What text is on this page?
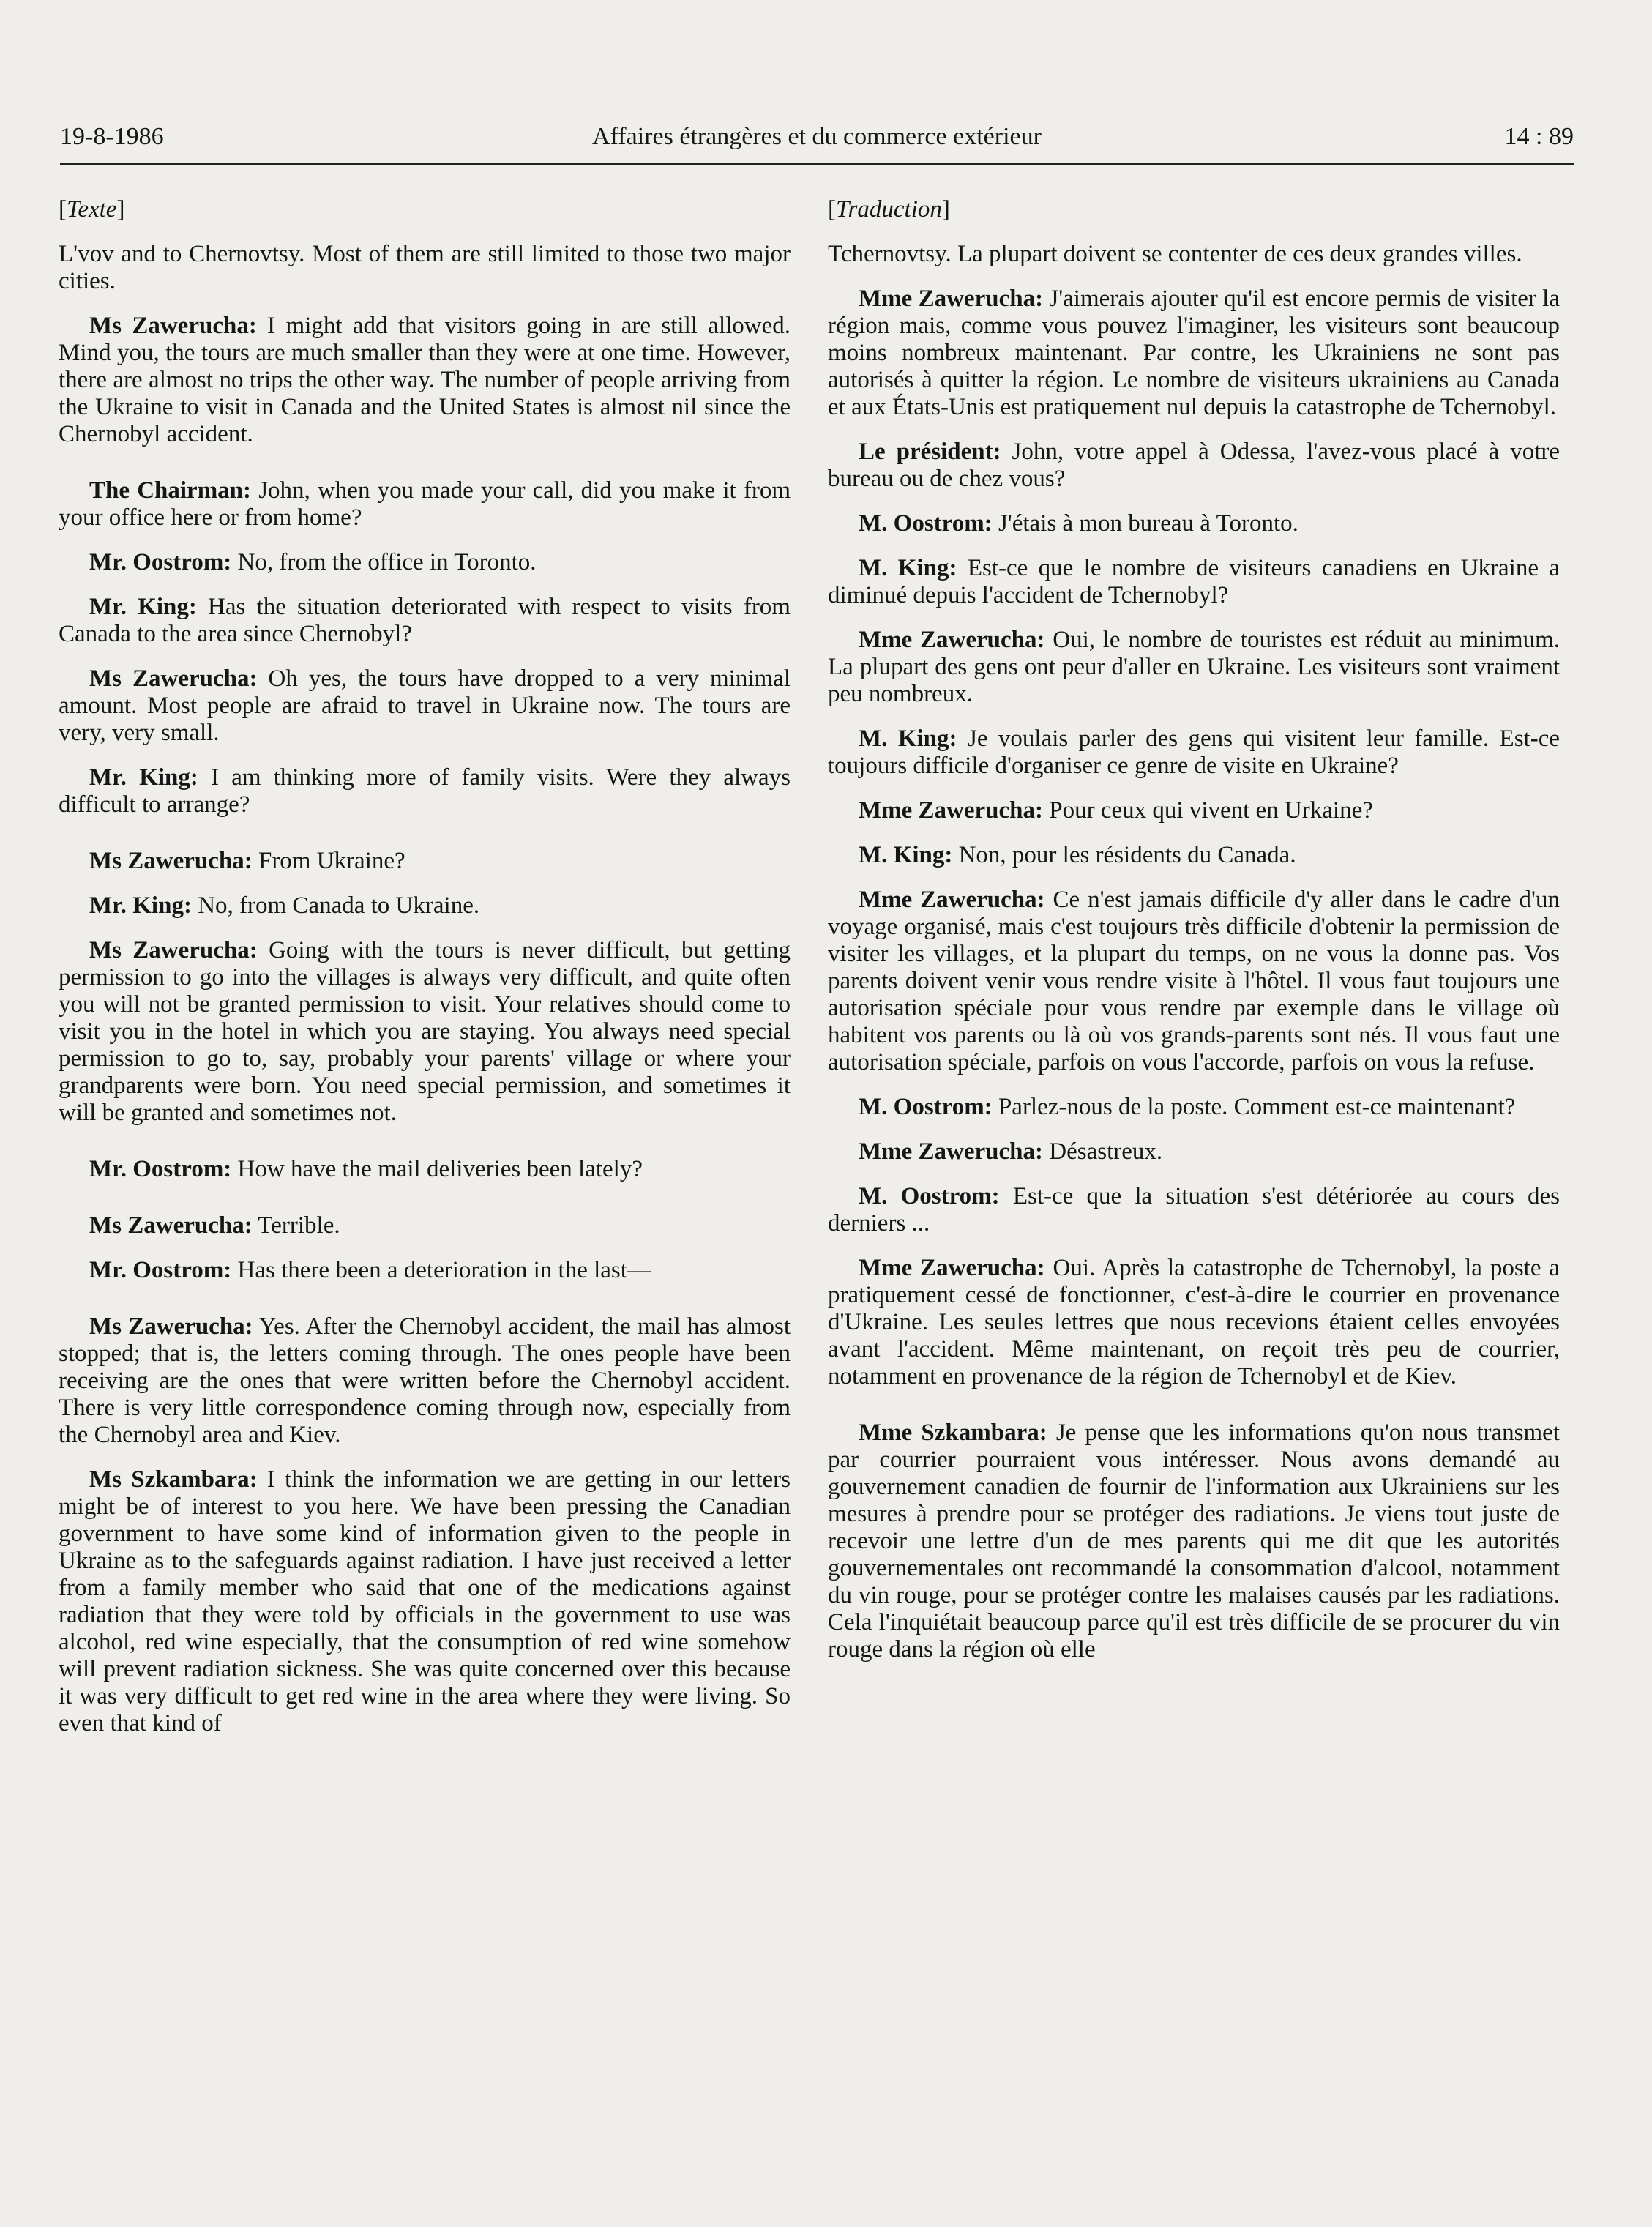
19-8-1986	Affaires étrangères et du commerce extérieur	14 : 89

[Texte]

L'vov and to Chernovtsy. Most of them are still limited to those two major cities.

Ms Zawerucha: I might add that visitors going in are still allowed. Mind you, the tours are much smaller than they were at one time. However, there are almost no trips the other way. The number of people arriving from the Ukraine to visit in Canada and the United States is almost nil since the Chernobyl accident.

The Chairman: John, when you made your call, did you make it from your office here or from home?

Mr. Oostrom: No, from the office in Toronto.

Mr. King: Has the situation deteriorated with respect to visits from Canada to the area since Chernobyl?

Ms Zawerucha: Oh yes, the tours have dropped to a very minimal amount. Most people are afraid to travel in Ukraine now. The tours are very, very small.

Mr. King: I am thinking more of family visits. Were they always difficult to arrange?

Ms Zawerucha: From Ukraine?

Mr. King: No, from Canada to Ukraine.

Ms Zawerucha: Going with the tours is never difficult, but getting permission to go into the villages is always very difficult, and quite often you will not be granted permission to visit. Your relatives should come to visit you in the hotel in which you are staying. You always need special permission to go to, say, probably your parents' village or where your grandparents were born. You need special permission, and sometimes it will be granted and sometimes not.

Mr. Oostrom: How have the mail deliveries been lately?

Ms Zawerucha: Terrible.

Mr. Oostrom: Has there been a deterioration in the last—

Ms Zawerucha: Yes. After the Chernobyl accident, the mail has almost stopped; that is, the letters coming through. The ones people have been receiving are the ones that were written before the Chernobyl accident. There is very little correspondence coming through now, especially from the Chernobyl area and Kiev.

Ms Szkambara: I think the information we are getting in our letters might be of interest to you here. We have been pressing the Canadian government to have some kind of information given to the people in Ukraine as to the safeguards against radiation. I have just received a letter from a family member who said that one of the medications against radiation that they were told by officials in the government to use was alcohol, red wine especially, that the consumption of red wine somehow will prevent radiation sickness. She was quite concerned over this because it was very difficult to get red wine in the area where they were living. So even that kind of

[Traduction]

Tchernovtsy. La plupart doivent se contenter de ces deux grandes villes.

Mme Zawerucha: J'aimerais ajouter qu'il est encore permis de visiter la région mais, comme vous pouvez l'imaginer, les visiteurs sont beaucoup moins nombreux maintenant. Par contre, les Ukrainiens ne sont pas autorisés à quitter la région. Le nombre de visiteurs ukrainiens au Canada et aux États-Unis est pratiquement nul depuis la catastrophe de Tchernobyl.

Le président: John, votre appel à Odessa, l'avez-vous placé à votre bureau ou de chez vous?

M. Oostrom: J'étais à mon bureau à Toronto.

M. King: Est-ce que le nombre de visiteurs canadiens en Ukraine a diminué depuis l'accident de Tchernobyl?

Mme Zawerucha: Oui, le nombre de touristes est réduit au minimum. La plupart des gens ont peur d'aller en Ukraine. Les visiteurs sont vraiment peu nombreux.

M. King: Je voulais parler des gens qui visitent leur famille. Est-ce toujours difficile d'organiser ce genre de visite en Ukraine?

Mme Zawerucha: Pour ceux qui vivent en Urkaine?

M. King: Non, pour les résidents du Canada.

Mme Zawerucha: Ce n'est jamais difficile d'y aller dans le cadre d'un voyage organisé, mais c'est toujours très difficile d'obtenir la permission de visiter les villages, et la plupart du temps, on ne vous la donne pas. Vos parents doivent venir vous rendre visite à l'hôtel. Il vous faut toujours une autorisation spéciale pour vous rendre par exemple dans le village où habitent vos parents ou là où vos grands-parents sont nés. Il vous faut une autorisation spéciale, parfois on vous l'accorde, parfois on vous la refuse.

M. Oostrom: Parlez-nous de la poste. Comment est-ce maintenant?

Mme Zawerucha: Désastreux.

M. Oostrom: Est-ce que la situation s'est détériorée au cours des derniers ...

Mme Zawerucha: Oui. Après la catastrophe de Tchernobyl, la poste a pratiquement cessé de fonctionner, c'est-à-dire le courrier en provenance d'Ukraine. Les seules lettres que nous recevions étaient celles envoyées avant l'accident. Même maintenant, on reçoit très peu de courrier, notamment en provenance de la région de Tchernobyl et de Kiev.

Mme Szkambara: Je pense que les informations qu'on nous transmet par courrier pourraient vous intéresser. Nous avons demandé au gouvernement canadien de fournir de l'information aux Ukrainiens sur les mesures à prendre pour se protéger des radiations. Je viens tout juste de recevoir une lettre d'un de mes parents qui me dit que les autorités gouvernementales ont recommandé la consommation d'alcool, notamment du vin rouge, pour se protéger contre les malaises causés par les radiations. Cela l'inquiétait beaucoup parce qu'il est très difficile de se procurer du vin rouge dans la région où elle
